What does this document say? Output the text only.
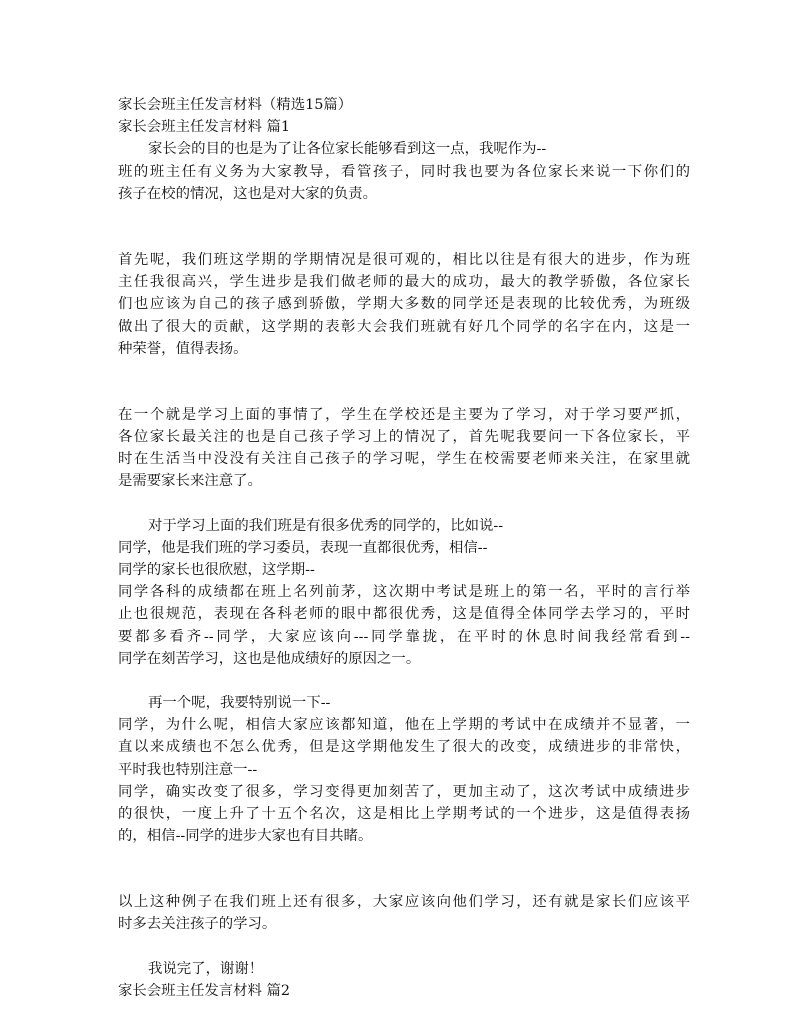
家长会班主任发言材料（精选15篇）
家长会班主任发言材料 篇1
家长会的目的也是为了让各位家长能够看到这一点，我呢作为--
班的班主任有义务为大家教导，看管孩子，同时我也要为各位家长来说一下你们的
孩子在校的情况，这也是对大家的负责。
首先呢，我们班这学期的学期情况是很可观的，相比以往是有很大的进步，作为班
主任我很高兴，学生进步是我们做老师的最大的成功，最大的教学骄傲，各位家长
们也应该为自己的孩子感到骄傲，学期大多数的同学还是表现的比较优秀，为班级
做出了很大的贡献，这学期的表彰大会我们班就有好几个同学的名字在内，这是一
种荣誉，值得表扬。
在一个就是学习上面的事情了，学生在学校还是主要为了学习，对于学习要严抓，
各位家长最关注的也是自己孩子学习上的情况了，首先呢我要问一下各位家长，平
时在生活当中没没有关注自己孩子的学习呢，学生在校需要老师来关注，在家里就
是需要家长来注意了。
对于学习上面的我们班是有很多优秀的同学的，比如说--
同学，他是我们班的学习委员，表现一直都很优秀，相信--
同学的家长也很欣慰，这学期--
同学各科的成绩都在班上名列前茅，这次期中考试是班上的第一名，平时的言行举
止也很规范，表现在各科老师的眼中都很优秀，这是值得全体同学去学习的，平时
要都多看齐--同学，大家应该向---同学靠拢，在平时的休息时间我经常看到--
同学在刻苦学习，这也是他成绩好的原因之一。
再一个呢，我要特别说一下--
同学，为什么呢，相信大家应该都知道，他在上学期的考试中在成绩并不显著，一
直以来成绩也不怎么优秀，但是这学期他发生了很大的改变，成绩进步的非常快，
平时我也特别注意一--
同学，确实改变了很多，学习变得更加刻苦了，更加主动了，这次考试中成绩进步
的很快，一度上升了十五个名次，这是相比上学期考试的一个进步，这是值得表扬
的，相信--同学的进步大家也有目共睹。
以上这种例子在我们班上还有很多，大家应该向他们学习，还有就是家长们应该平
时多去关注孩子的学习。
我说完了，谢谢！
家长会班主任发言材料 篇2
